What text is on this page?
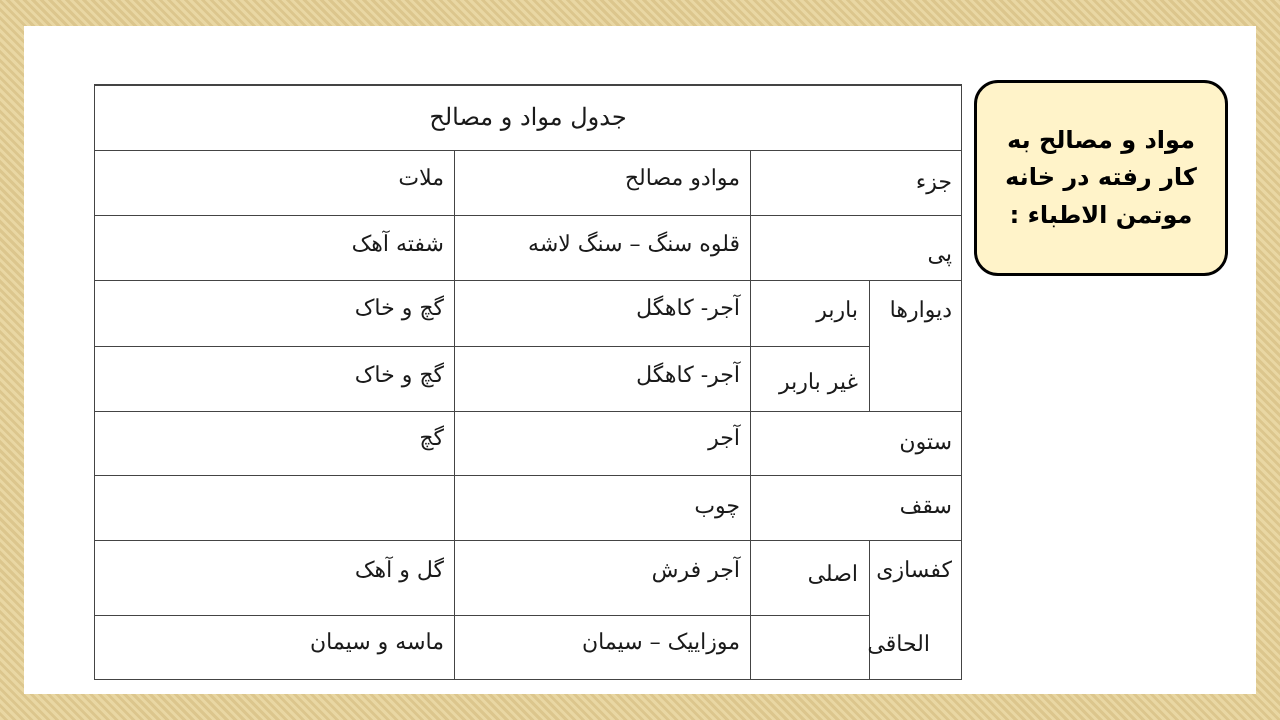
جدول مواد و مصالح
جزء
موادو مصالح
ملات
پی
قلوه سنگ – سنگ لاشه
شفته آهک
دیوارها
باربر
آجر- کاهگل
گچ و خاک
غیر باربر
آجر- کاهگل
گچ و خاک
ستون
آجر
گچ
سقف
چوب
کفسازی
اصلی
آجر فرش
گل و آهک
الحاقی
موزاییک – سیمان
ماسه و سیمان
مواد و مصالح به
کار رفته در خانه
موتمن الاطباء :
